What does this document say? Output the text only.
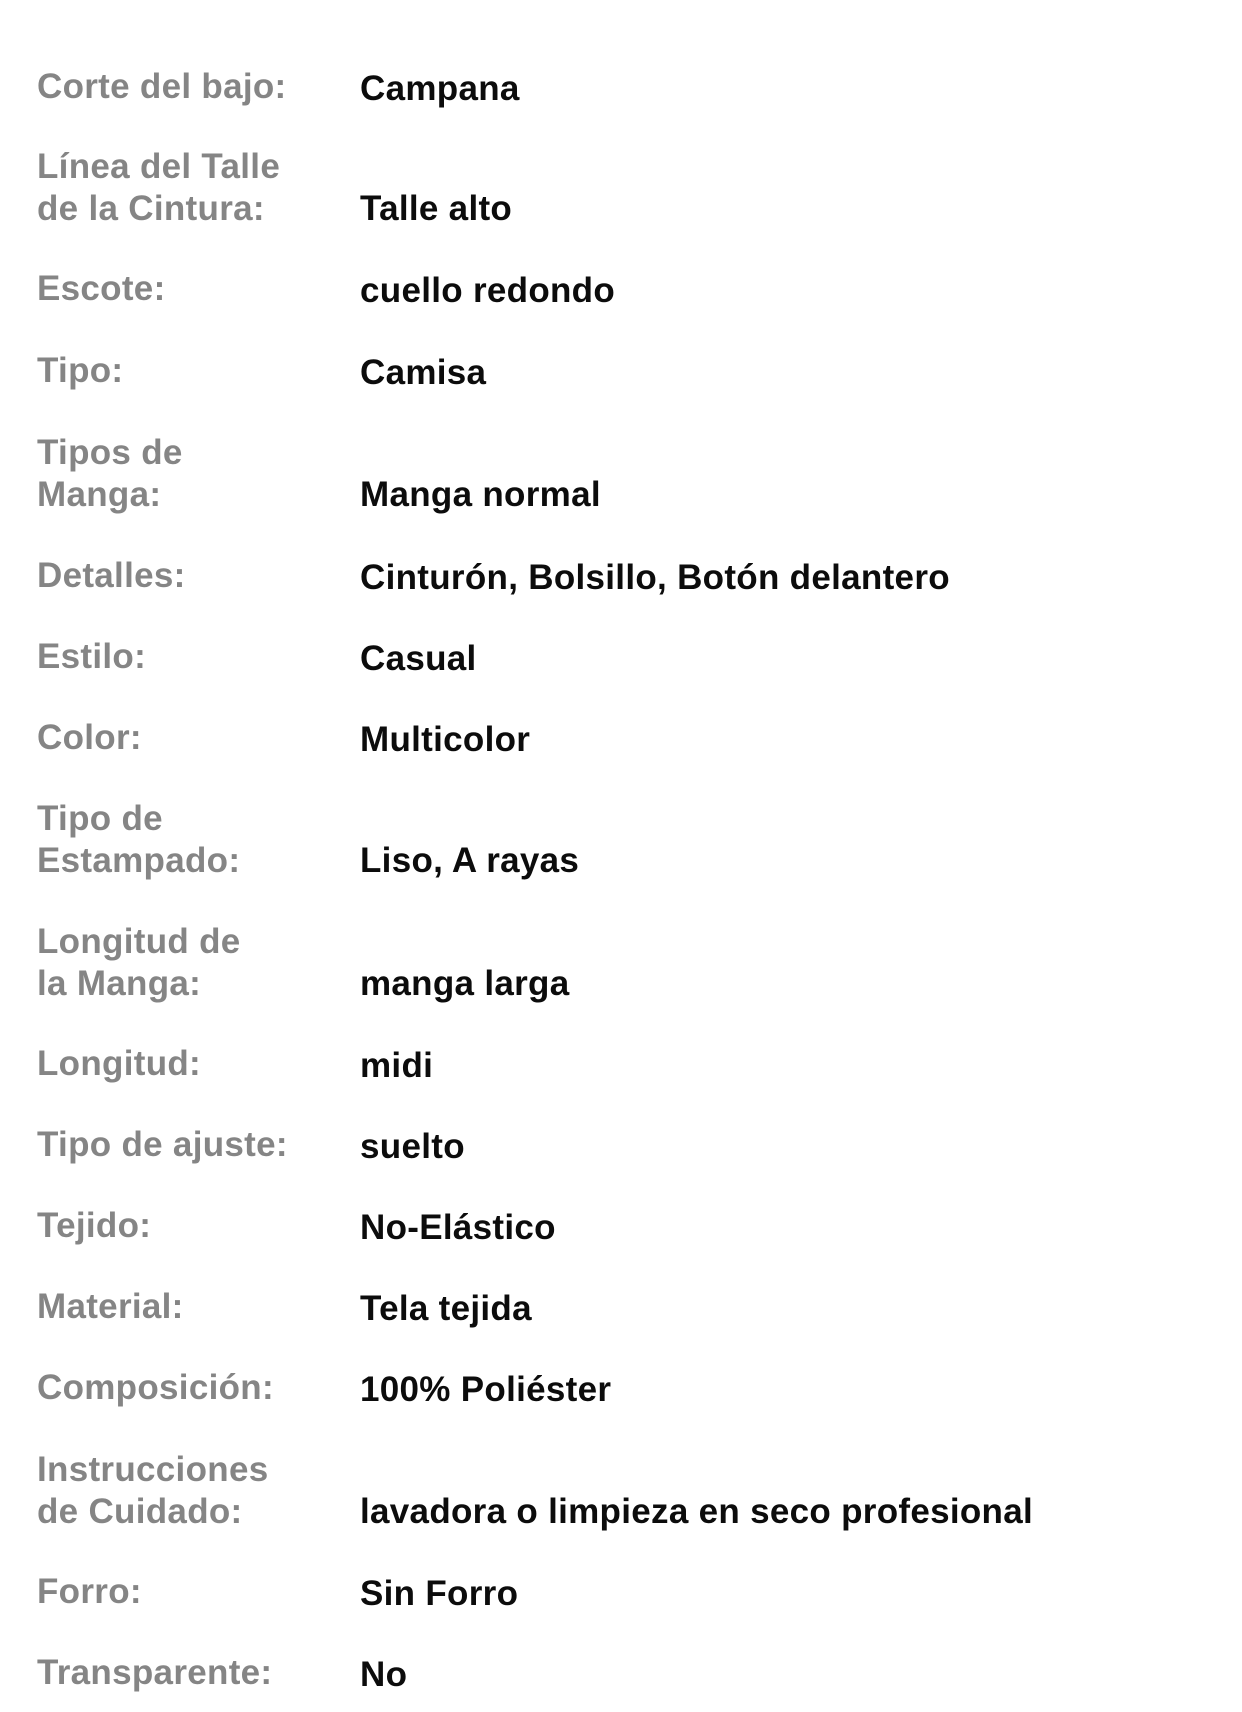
Corte del bajo:	Campana
Línea del Talle
de la Cintura:	Talle alto
Escote:	cuello redondo
Tipo:	Camisa
Tipos de
Manga:	Manga normal
Detalles:	Cinturón, Bolsillo, Botón delantero
Estilo:	Casual
Color:	Multicolor
Tipo de
Estampado:	Liso, A rayas
Longitud de
la Manga:	manga larga
Longitud:	midi
Tipo de ajuste:	suelto
Tejido:	No-Elástico
Material:	Tela tejida
Composición:	100% Poliéster
Instrucciones
de Cuidado:	lavadora o limpieza en seco profesional
Forro:	Sin Forro
Transparente:	No
